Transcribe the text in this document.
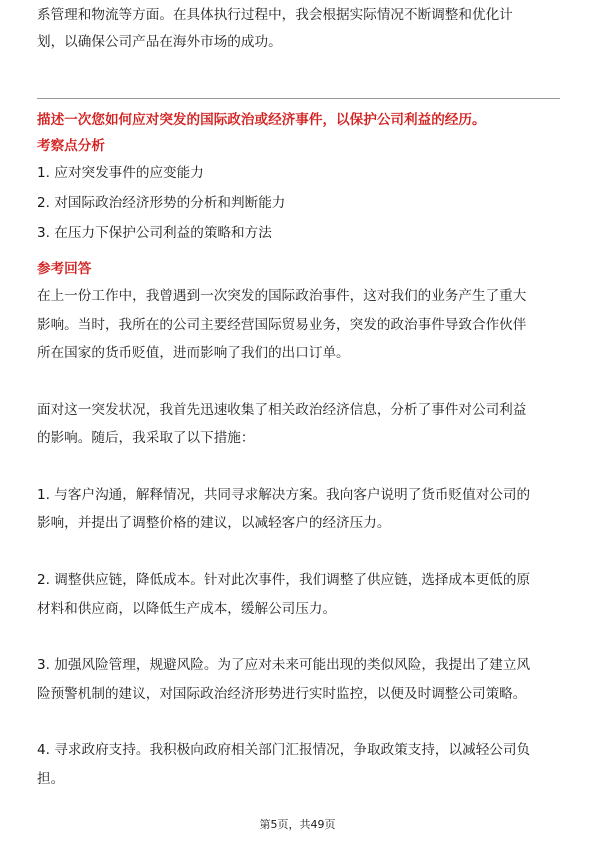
系管理和物流等方面。在具体执行过程中，我会根据实际情况不断调整和优化计

划，以确保公司产品在海外市场的成功。

描述一次您如何应对突发的国际政治或经济事件，以保护公司利益的经历。

考察点分析

1. 应对突发事件的应变能力

2. 对国际政治经济形势的分析和判断能力

3. 在压力下保护公司利益的策略和方法

参考回答

在上一份工作中，我曾遇到一次突发的国际政治事件，这对我们的业务产生了重大

影响。当时，我所在的公司主要经营国际贸易业务，突发的政治事件导致合作伙伴

所在国家的货币贬值，进而影响了我们的出口订单。

面对这一突发状况，我首先迅速收集了相关政治经济信息，分析了事件对公司利益

的影响。随后，我采取了以下措施：

1. 与客户沟通，解释情况，共同寻求解决方案。我向客户说明了货币贬值对公司的

影响，并提出了调整价格的建议，以减轻客户的经济压力。

2. 调整供应链，降低成本。针对此次事件，我们调整了供应链，选择成本更低的原

材料和供应商，以降低生产成本，缓解公司压力。

3. 加强风险管理，规避风险。为了应对未来可能出现的类似风险，我提出了建立风

险预警机制的建议，对国际政治经济形势进行实时监控，以便及时调整公司策略。

4. 寻求政府支持。我积极向政府相关部门汇报情况，争取政策支持，以减轻公司负

担。

第5页，共49页
